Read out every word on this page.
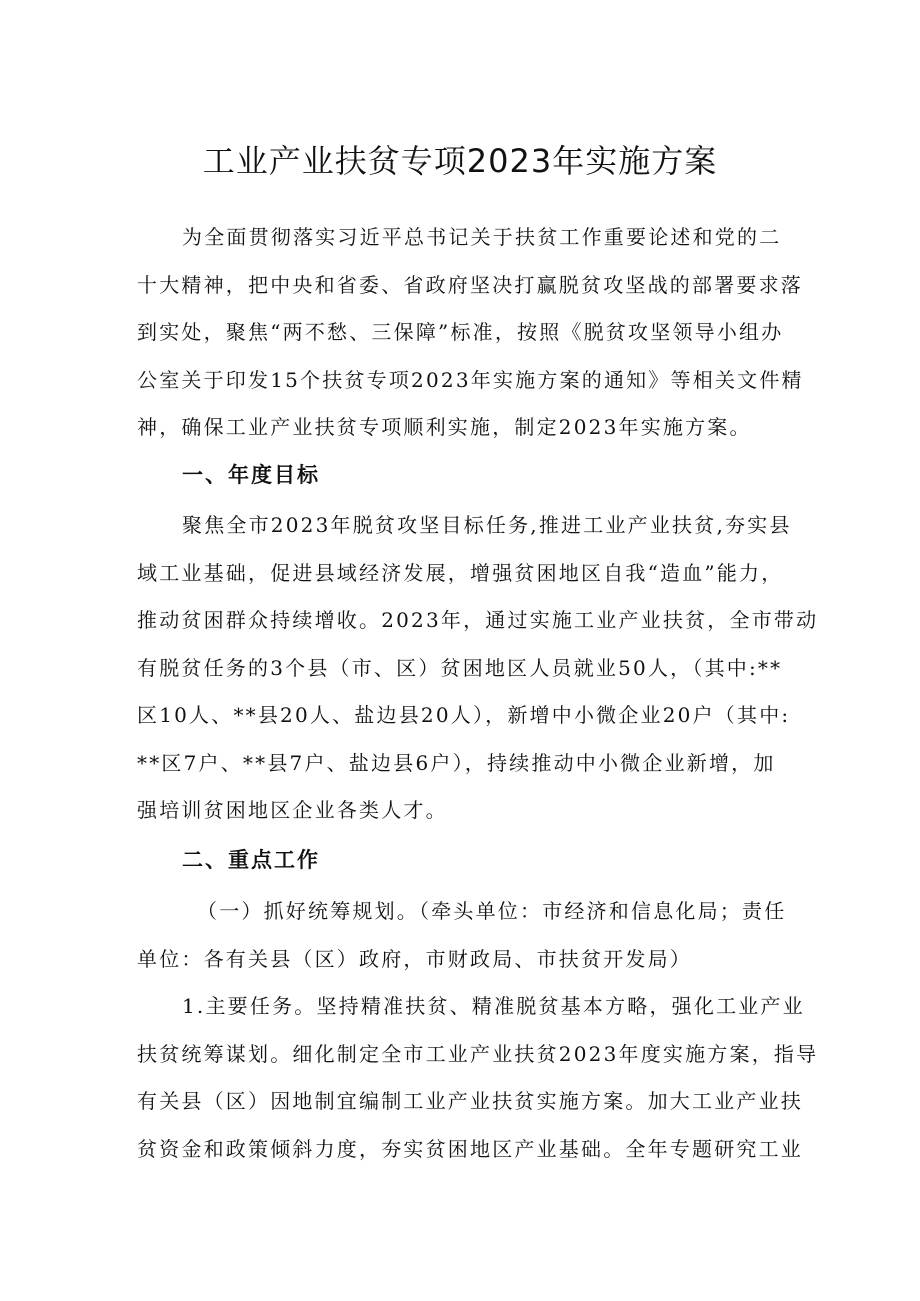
工业产业扶贫专项2023年实施方案
为全面贯彻落实习近平总书记关于扶贫工作重要论述和党的二
十大精神，把中央和省委、省政府坚决打赢脱贫攻坚战的部署要求落
到实处，聚焦“两不愁、三保障”标准，按照《脱贫攻坚领导小组办
公室关于印发15个扶贫专项2023年实施方案的通知》等相关文件精
神，确保工业产业扶贫专项顺利实施，制定2023年实施方案。
一、年度目标
聚焦全市2023年脱贫攻坚目标任务,推进工业产业扶贫,夯实县
域工业基础，促进县域经济发展，增强贫困地区自我“造血”能力，
推动贫困群众持续增收。2023年，通过实施工业产业扶贫，全市带动
有脱贫任务的3个县（市、区）贫困地区人员就业50人，（其中:**
区10人、**县20人、盐边县20人），新增中小微企业20户（其中:
**区7户、**县7户、盐边县6户），持续推动中小微企业新增，加
强培训贫困地区企业各类人才。
二、重点工作
（一）抓好统筹规划。（牵头单位：市经济和信息化局；责任
单位：各有关县（区）政府，市财政局、市扶贫开发局）
1.主要任务。坚持精准扶贫、精准脱贫基本方略，强化工业产业
扶贫统筹谋划。细化制定全市工业产业扶贫2023年度实施方案，指导
有关县（区）因地制宜编制工业产业扶贫实施方案。加大工业产业扶
贫资金和政策倾斜力度，夯实贫困地区产业基础。全年专题研究工业
